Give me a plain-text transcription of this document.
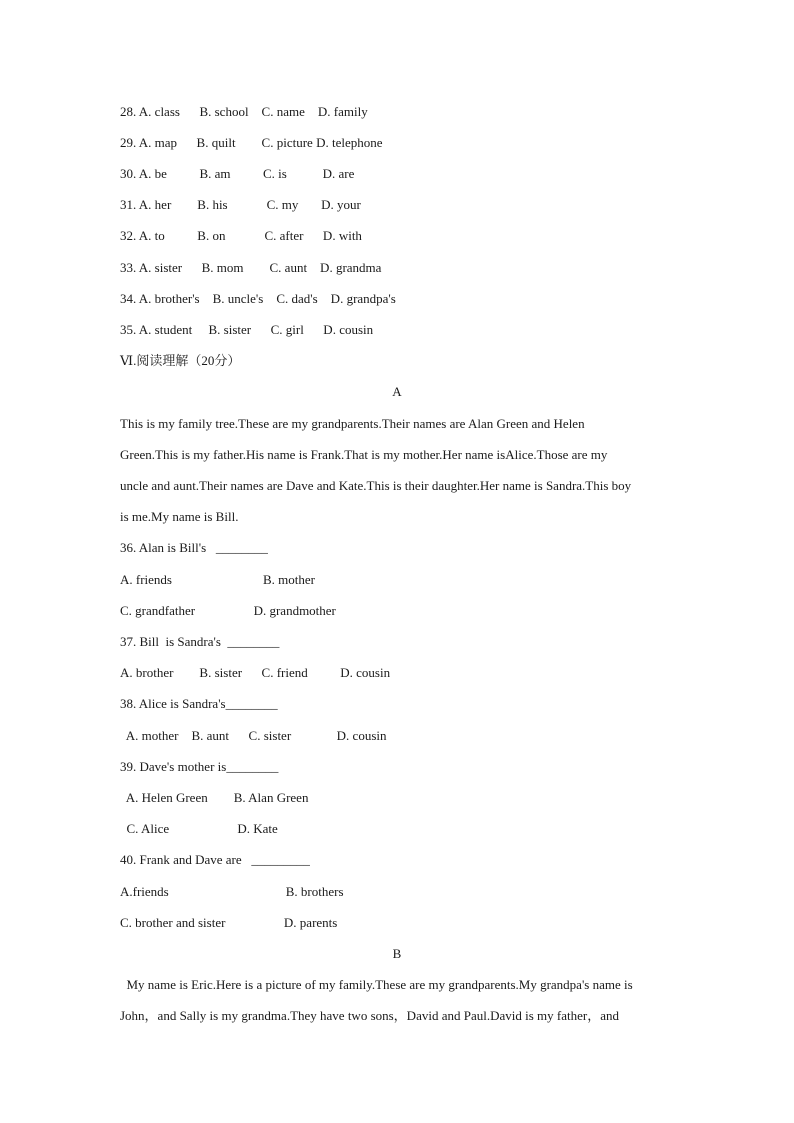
28. A. class      B. school    C. name    D. family
29. A. map      B. quilt        C. picture D. telephone
30. A. be          B. am          C. is           D. are
31. A. her        B. his            C. my       D. your
32. A. to          B. on            C. after      D. with
33. A. sister      B. mom        C. aunt    D. grandma
34. A. brother's    B. uncle's    C. dad's    D. grandpa's
35. A. student     B. sister      C. girl      D. cousin
Ⅵ.阅读理解（20分）
A
This is my family tree.These are my grandparents.Their names are Alan Green and Helen
Green.This is my father.His name is Frank.That is my mother.Her name isAlice.Those are my
uncle and aunt.Their names are Dave and Kate.This is their daughter.Her name is Sandra.This boy
is me.My name is Bill.
36. Alan is Bill's   ________
A. friends                            B. mother
C. grandfather                  D. grandmother
37. Bill  is Sandra's  ________
A. brother        B. sister      C. friend          D. cousin
38. Alice is Sandra's________
A. mother    B. aunt      C. sister              D. cousin
39. Dave's mother is________
A. Helen Green        B. Alan Green
C. Alice                     D. Kate
40. Frank and Dave are   _________
A.friends                                    B. brothers
C. brother and sister                  D. parents
B
My name is Eric.Here is a picture of my family.These are my grandparents.My grandpa's name is
John，and Sally is my grandma.They have two sons，David and Paul.David is my father，and
